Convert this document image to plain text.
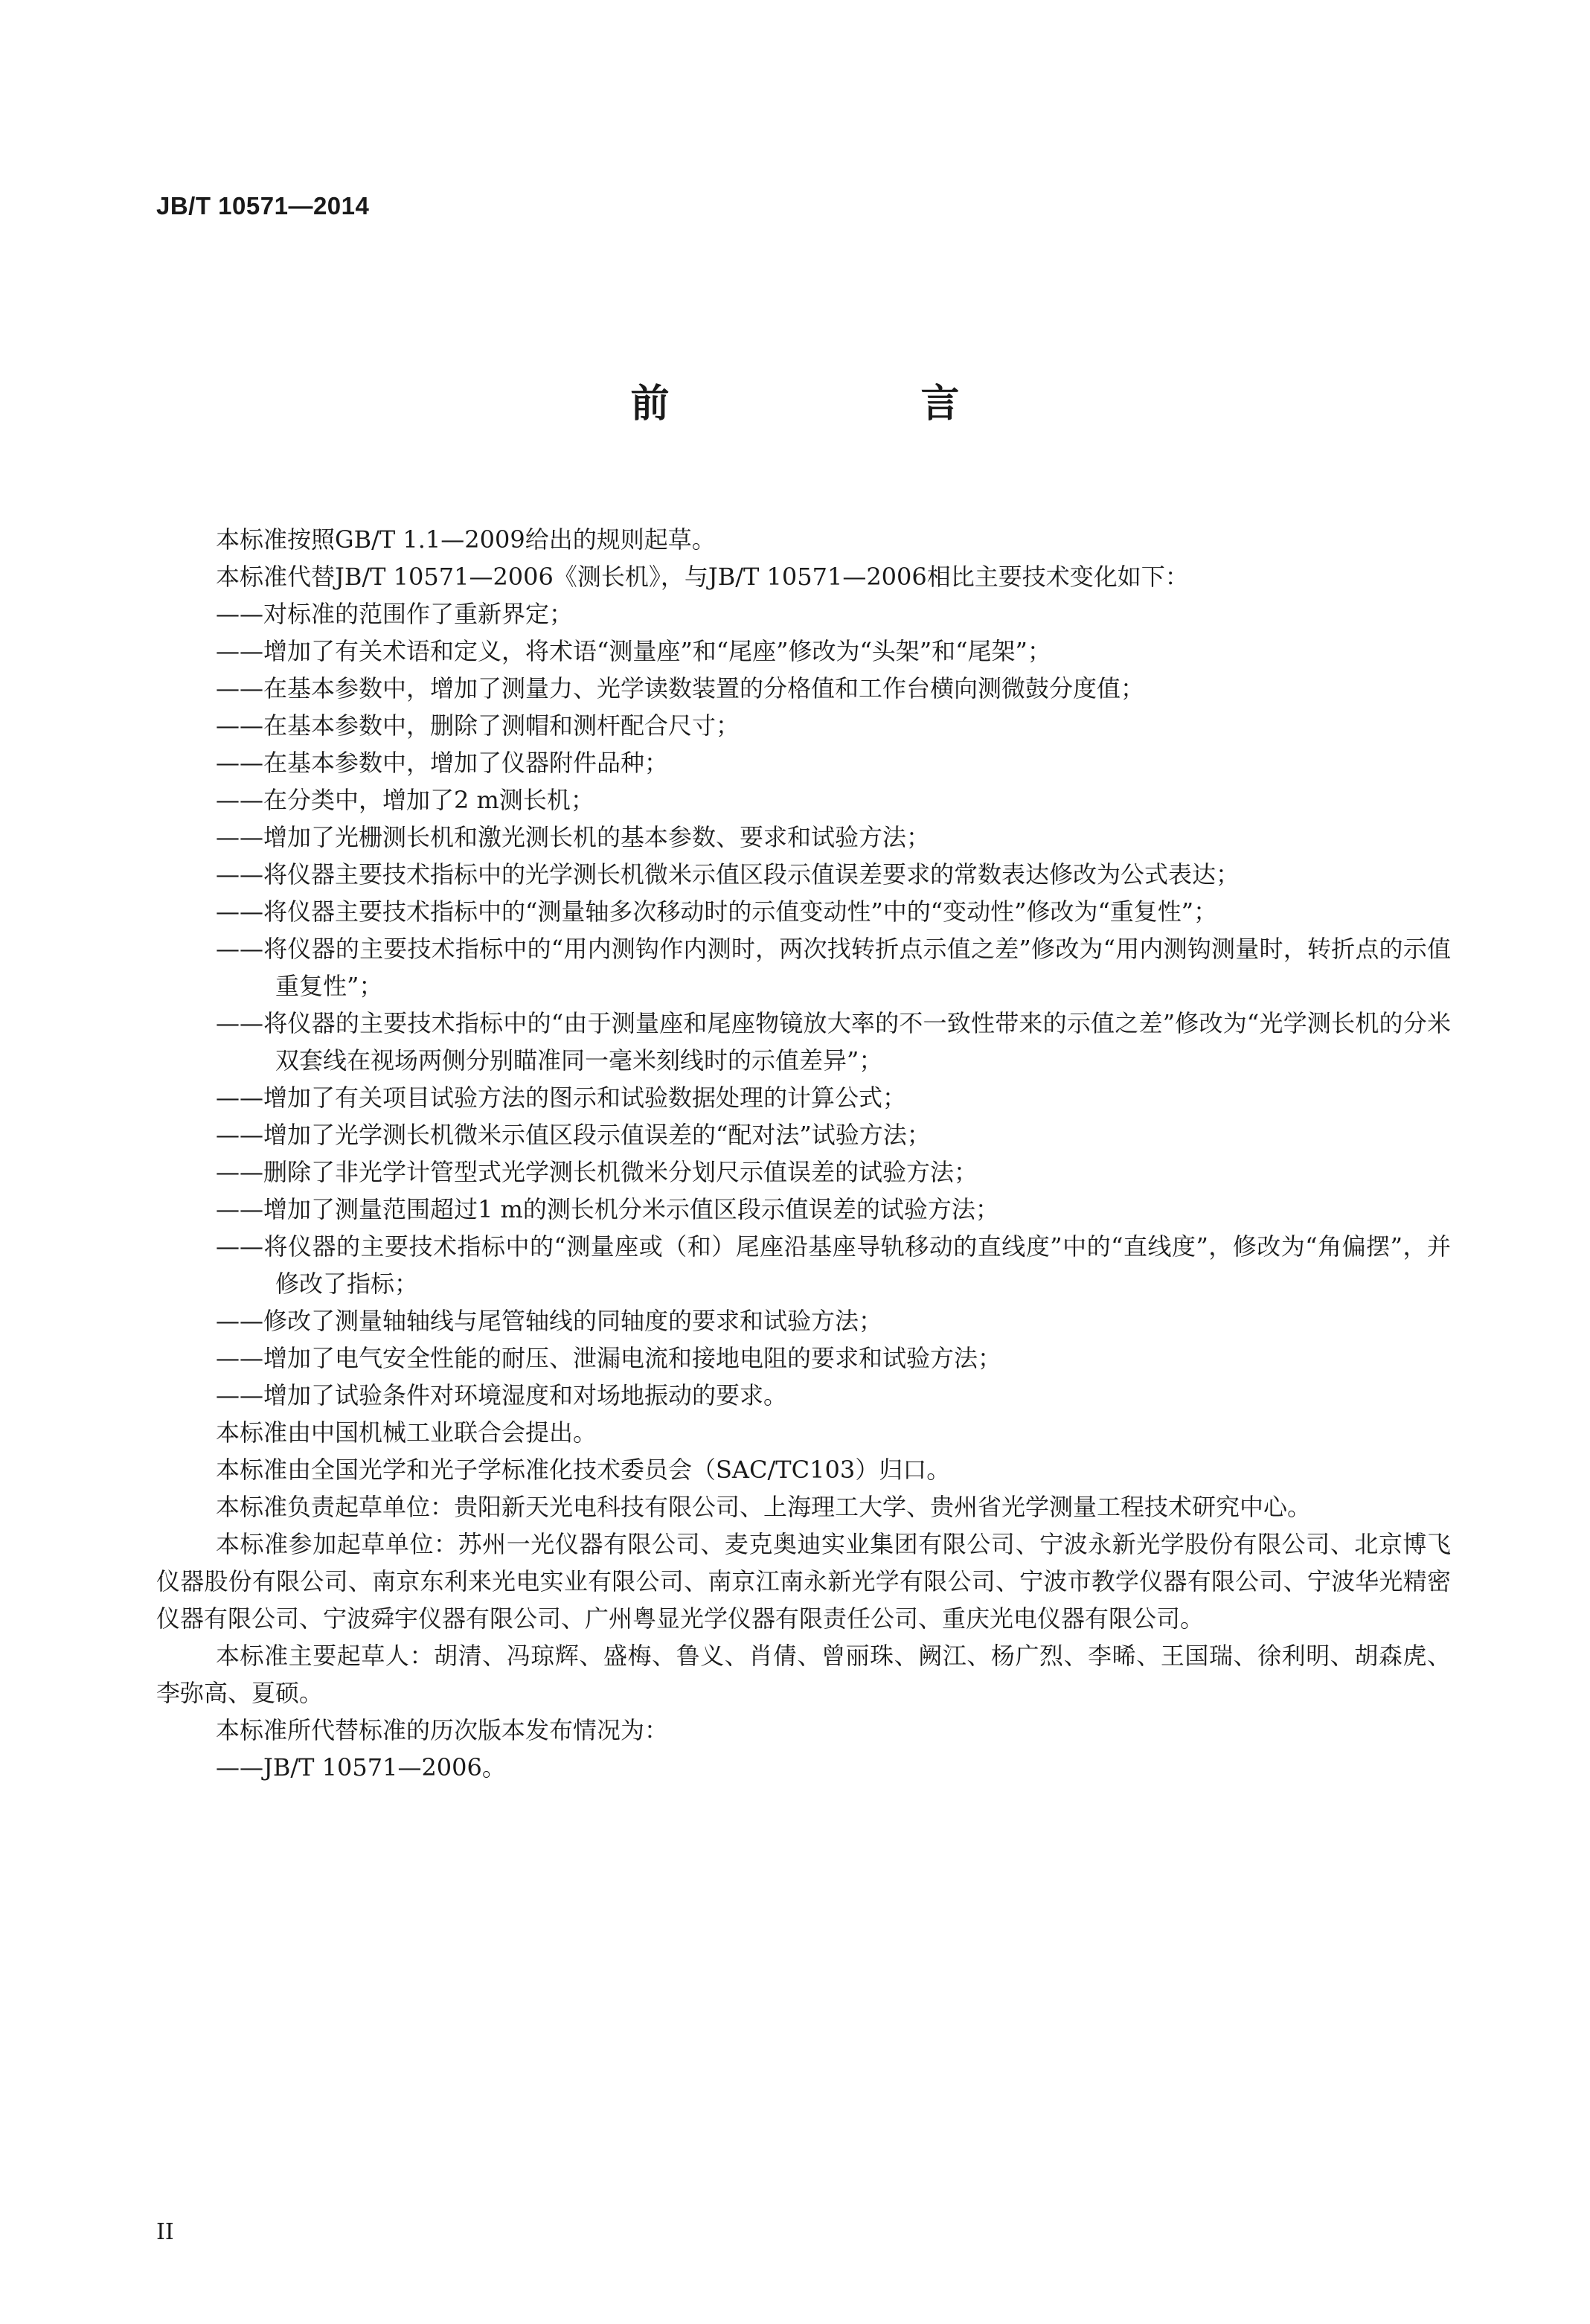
JB/T 10571—2014
前 言

本标准按照GB/T 1.1—2009给出的规则起草。

本标准代替JB/T 10571—2006《测长机》，与JB/T 10571—2006相比主要技术变化如下：

——对标准的范围作了重新界定；

——增加了有关术语和定义，将术语“测量座”和“尾座”修改为“头架”和“尾架”；

——在基本参数中，增加了测量力、光学读数装置的分格值和工作台横向测微鼓分度值；

——在基本参数中，删除了测帽和测杆配合尺寸；

——在基本参数中，增加了仪器附件品种；

——在分类中，增加了2 m测长机；

——增加了光栅测长机和激光测长机的基本参数、要求和试验方法；

——将仪器主要技术指标中的光学测长机微米示值区段示值误差要求的常数表达修改为公式表达；

——将仪器主要技术指标中的“测量轴多次移动时的示值变动性”中的“变动性”修改为“重复性”；

——将仪器的主要技术指标中的“用内测钩作内测时，两次找转折点示值之差”修改为“用内测钩测量时，转折点的示值重复性”；

——将仪器的主要技术指标中的“由于测量座和尾座物镜放大率的不一致性带来的示值之差”修改为“光学测长机的分米双套线在视场两侧分别瞄准同一毫米刻线时的示值差异”；

——增加了有关项目试验方法的图示和试验数据处理的计算公式；

——增加了光学测长机微米示值区段示值误差的“配对法”试验方法；

——删除了非光学计管型式光学测长机微米分划尺示值误差的试验方法；

——增加了测量范围超过1 m的测长机分米示值区段示值误差的试验方法；

——将仪器的主要技术指标中的“测量座或（和）尾座沿基座导轨移动的直线度”中的“直线度”，修改为“角偏摆”，并修改了指标；

——修改了测量轴轴线与尾管轴线的同轴度的要求和试验方法；

——增加了电气安全性能的耐压、泄漏电流和接地电阻的要求和试验方法；

——增加了试验条件对环境湿度和对场地振动的要求。

本标准由中国机械工业联合会提出。

本标准由全国光学和光子学标准化技术委员会（SAC/TC103）归口。

本标准负责起草单位：贵阳新天光电科技有限公司、上海理工大学、贵州省光学测量工程技术研究中心。

本标准参加起草单位：苏州一光仪器有限公司、麦克奥迪实业集团有限公司、宁波永新光学股份有限公司、北京博飞仪器股份有限公司、南京东利来光电实业有限公司、南京江南永新光学有限公司、宁波市教学仪器有限公司、宁波华光精密仪器有限公司、宁波舜宇仪器有限公司、广州粤显光学仪器有限责任公司、重庆光电仪器有限公司。

本标准主要起草人：胡清、冯琼辉、盛梅、鲁义、肖倩、曾丽珠、阙江、杨广烈、李晞、王国瑞、徐利明、胡森虎、李弥高、夏硕。

本标准所代替标准的历次版本发布情况为：

——JB/T 10571—2006。

II
